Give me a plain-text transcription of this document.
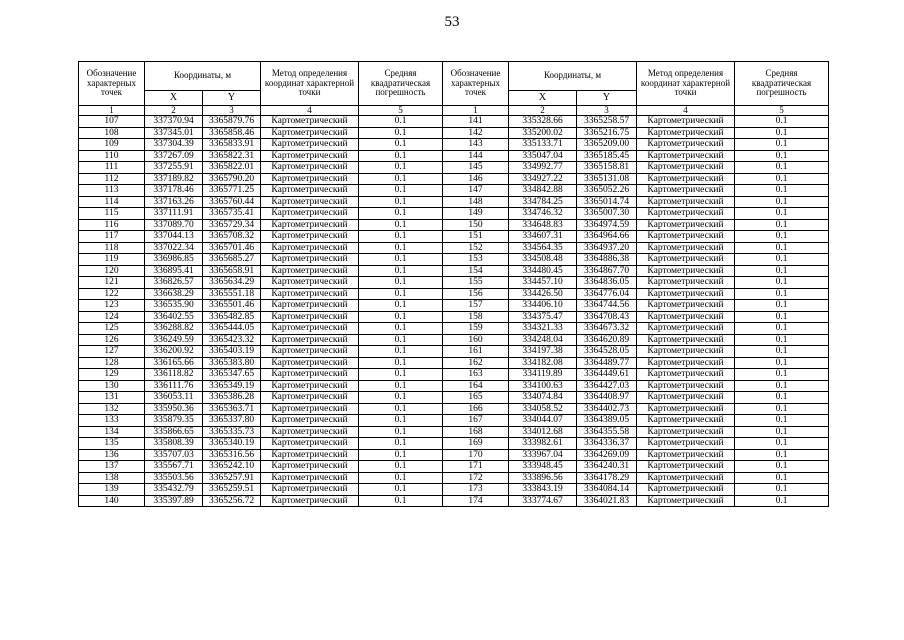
53
Обозначение характерных точек	Координаты, м		Метод определения координат характерной точки	Средняя квадратическая погрешность	Обозначение характерных точек	Координаты, м		Метод определения координат характерной точки	Средняя квадратическая погрешность
	X	Y				X	Y		
1	2	3	4	5	1	2	3	4	5
107	337370.94	3365879.76	Картометрический	0.1	141	335328.66	3365258.57	Картометрический	0.1
108	337345.01	3365858.46	Картометрический	0.1	142	335200.02	3365216.75	Картометрический	0.1
109	337304.39	3365833.91	Картометрический	0.1	143	335133.71	3365209.00	Картометрический	0.1
110	337267.09	3365822.31	Картометрический	0.1	144	335047.04	3365185.45	Картометрический	0.1
111	337255.91	3365822.01	Картометрический	0.1	145	334992.77	3365158.81	Картометрический	0.1
112	337189.82	3365790.20	Картометрический	0.1	146	334927.22	3365131.08	Картометрический	0.1
113	337178.46	3365771.25	Картометрический	0.1	147	334842.88	3365052.26	Картометрический	0.1
114	337163.26	3365760.44	Картометрический	0.1	148	334784.25	3365014.74	Картометрический	0.1
115	337111.91	3365735.41	Картометрический	0.1	149	334746.32	3365007.30	Картометрический	0.1
116	337089.70	3365729.34	Картометрический	0.1	150	334648.83	3364974.59	Картометрический	0.1
117	337044.13	3365708.32	Картометрический	0.1	151	334607.31	3364964.66	Картометрический	0.1
118	337022.34	3365701.46	Картометрический	0.1	152	334564.35	3364937.20	Картометрический	0.1
119	336986.85	3365685.27	Картометрический	0.1	153	334508.48	3364886.38	Картометрический	0.1
120	336895.41	3365658.91	Картометрический	0.1	154	334480.45	3364867.70	Картометрический	0.1
121	336826.57	3365634.29	Картометрический	0.1	155	334457.10	3364836.05	Картометрический	0.1
122	336638.29	3365551.18	Картометрический	0.1	156	334426.50	3364776.04	Картометрический	0.1
123	336535.90	3365501.46	Картометрический	0.1	157	334406.10	3364744.56	Картометрический	0.1
124	336402.55	3365482.85	Картометрический	0.1	158	334375.47	3364708.43	Картометрический	0.1
125	336288.82	3365444.05	Картометрический	0.1	159	334321.33	3364673.32	Картометрический	0.1
126	336249.59	3365423.32	Картометрический	0.1	160	334248.04	3364620.89	Картометрический	0.1
127	336200.92	3365403.19	Картометрический	0.1	161	334197.38	3364528.05	Картометрический	0.1
128	336165.66	3365383.80	Картометрический	0.1	162	334182.08	3364489.77	Картометрический	0.1
129	336118.82	3365347.65	Картометрический	0.1	163	334119.89	3364449.61	Картометрический	0.1
130	336111.76	3365349.19	Картометрический	0.1	164	334100.63	3364427.03	Картометрический	0.1
131	336053.11	3365386.28	Картометрический	0.1	165	334074.84	3364408.97	Картометрический	0.1
132	335950.36	3365363.71	Картометрический	0.1	166	334058.52	3364402.73	Картометрический	0.1
133	335879.35	3365337.80	Картометрический	0.1	167	334044.07	3364389.05	Картометрический	0.1
134	335866.65	3365335.73	Картометрический	0.1	168	334012.68	3364355.58	Картометрический	0.1
135	335808.39	3365340.19	Картометрический	0.1	169	333982.61	3364336.37	Картометрический	0.1
136	335707.03	3365316.56	Картометрический	0.1	170	333967.04	3364269.09	Картометрический	0.1
137	335567.71	3365242.10	Картометрический	0.1	171	333948.45	3364240.31	Картометрический	0.1
138	335503.56	3365257.91	Картометрический	0.1	172	333896.56	3364178.29	Картометрический	0.1
139	335432.79	3365259.51	Картометрический	0.1	173	333843.19	3364084.14	Картометрический	0.1
140	335397.89	3365256.72	Картометрический	0.1	174	333774.67	3364021.83	Картометрический	0.1
